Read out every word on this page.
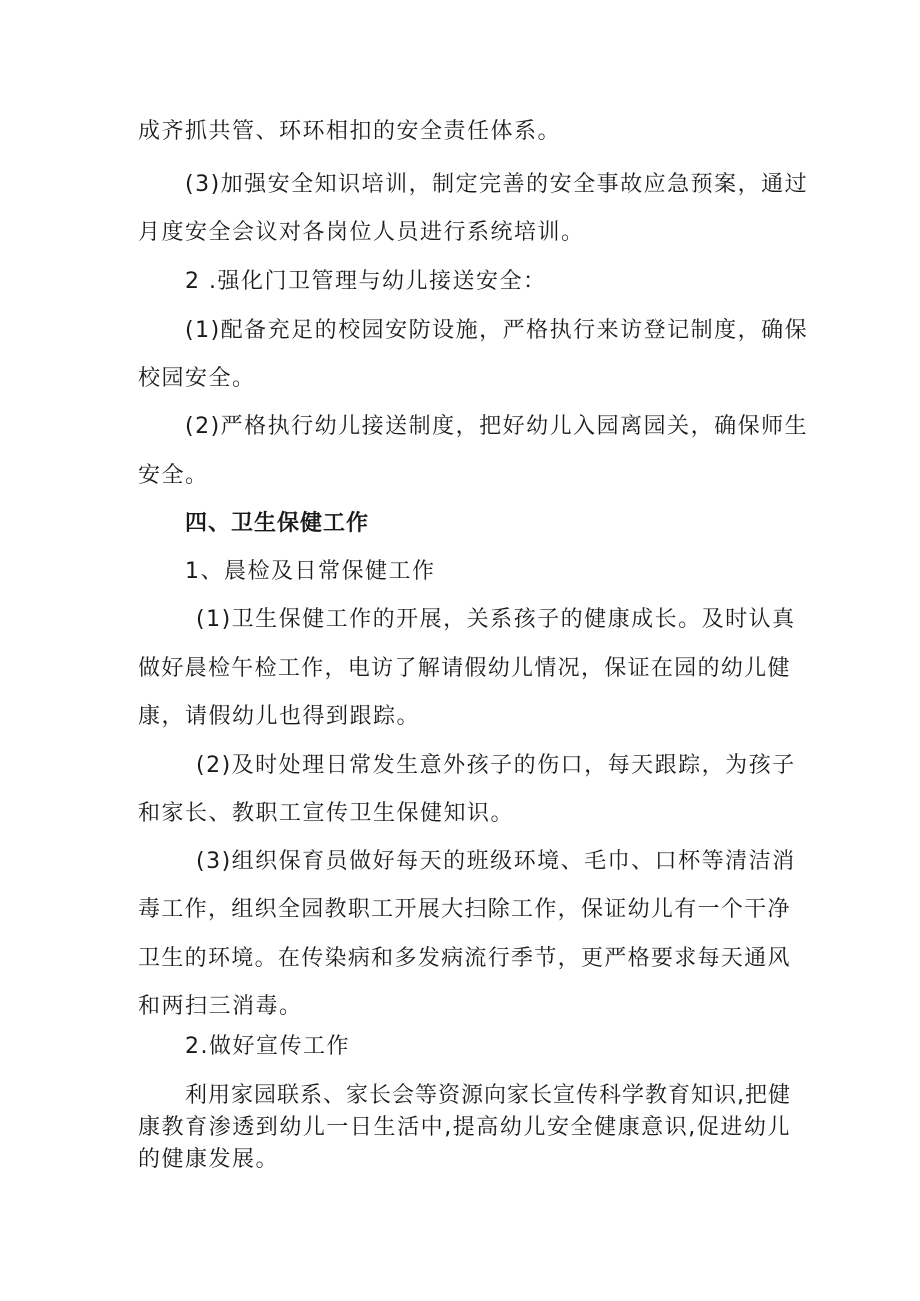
成齐抓共管、环环相扣的安全责任体系。
(3)加强安全知识培训，制定完善的安全事故应急预案，通过
月度安全会议对各岗位人员进行系统培训。
2 .强化门卫管理与幼儿接送安全：
(1)配备充足的校园安防设施，严格执行来访登记制度，确保
校园安全。
(2)严格执行幼儿接送制度，把好幼儿入园离园关，确保师生
安全。
四、卫生保健工作
1、晨检及日常保健工作
(1)卫生保健工作的开展，关系孩子的健康成长。及时认真
做好晨检午检工作，电访了解请假幼儿情况，保证在园的幼儿健
康，请假幼儿也得到跟踪。
(2)及时处理日常发生意外孩子的伤口，每天跟踪，为孩子
和家长、教职工宣传卫生保健知识。
(3)组织保育员做好每天的班级环境、毛巾、口杯等清洁消
毒工作，组织全园教职工开展大扫除工作，保证幼儿有一个干净
卫生的环境。在传染病和多发病流行季节，更严格要求每天通风
和两扫三消毒。
2.做好宣传工作
利用家园联系、家长会等资源向家长宣传科学教育知识,把健
康教育渗透到幼儿一日生活中,提高幼儿安全健康意识,促进幼儿
的健康发展。
